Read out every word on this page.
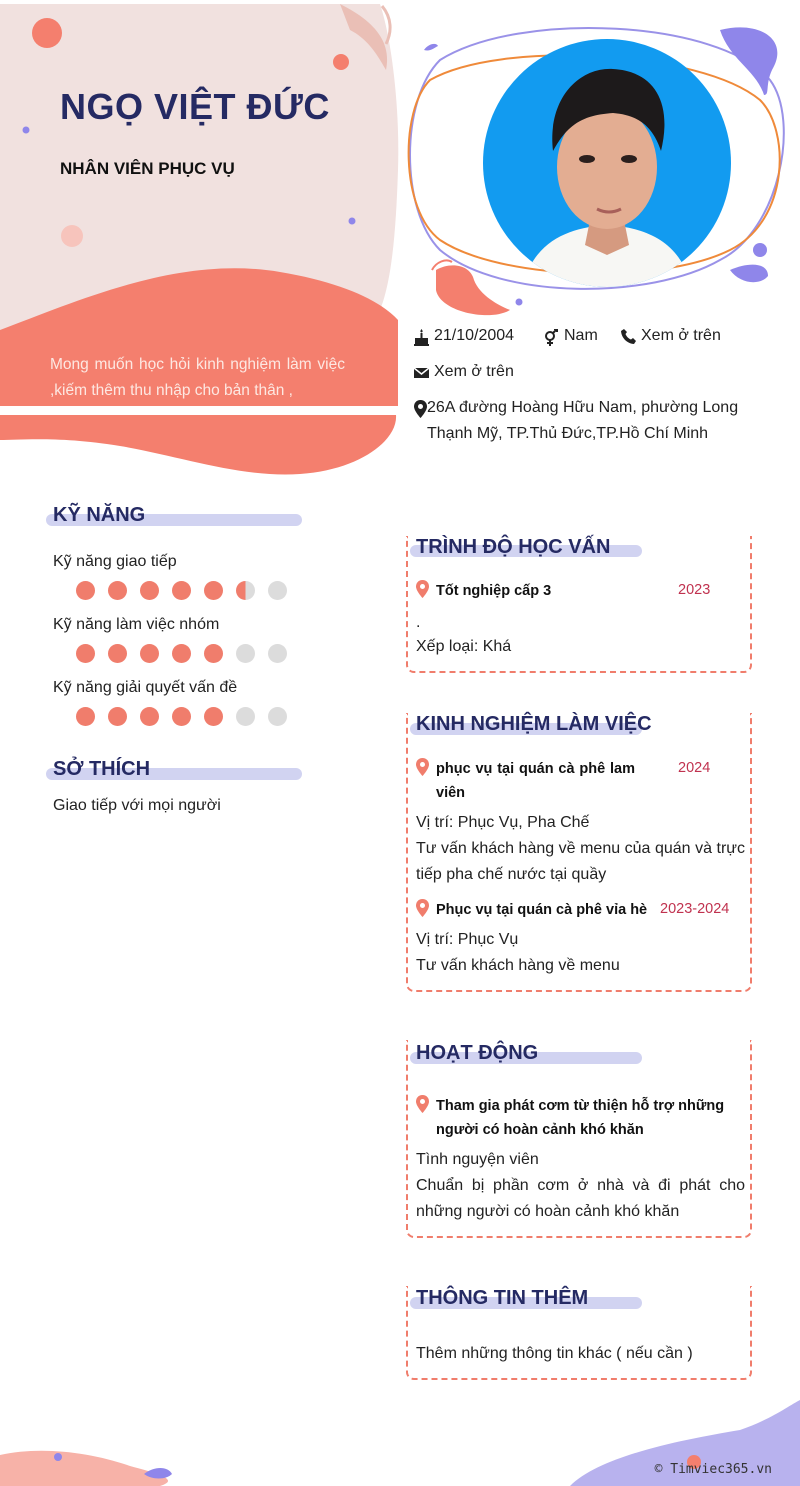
NGỌ VIỆT ĐỨC
NHÂN VIÊN PHỤC VỤ
Mong muốn học hỏi kinh nghiệm làm việc ,kiếm thêm thu nhập cho bản thân ,
21/10/2004	Nam	Xem ở trên
Xem ở trên
26A đường Hoàng Hữu Nam, phường Long Thạnh Mỹ, TP.Thủ Đức,TP.Hồ Chí Minh
KỸ NĂNG
Kỹ năng giao tiếp
Kỹ năng làm việc nhóm
Kỹ năng giải quyết vấn đề
SỞ THÍCH
Giao tiếp với mọi người
TRÌNH ĐỘ HỌC VẤN
Tốt nghiệp cấp 3	2023
.
Xếp loại: Khá
KINH NGHIỆM LÀM VIỆC
phục vụ tại quán cà phê lam viên
2024
Vị trí: Phục Vụ, Pha Chế
Tư vấn khách hàng về menu của quán và trực tiếp pha chế nước tại quầy
Phục vụ tại quán cà phê vỉa hè 2023-2024
Vị trí: Phục Vụ
Tư vấn khách hàng về menu
HOẠT ĐỘNG
Tham gia phát cơm từ thiện hỗ trợ những người có hoàn cảnh khó khăn
Tình nguyện viên
Chuẩn bị phần cơm ở nhà và đi phát cho những người có hoàn cảnh khó khăn
THÔNG TIN THÊM
Thêm những thông tin khác ( nếu cần )
© Timviec365.vn
